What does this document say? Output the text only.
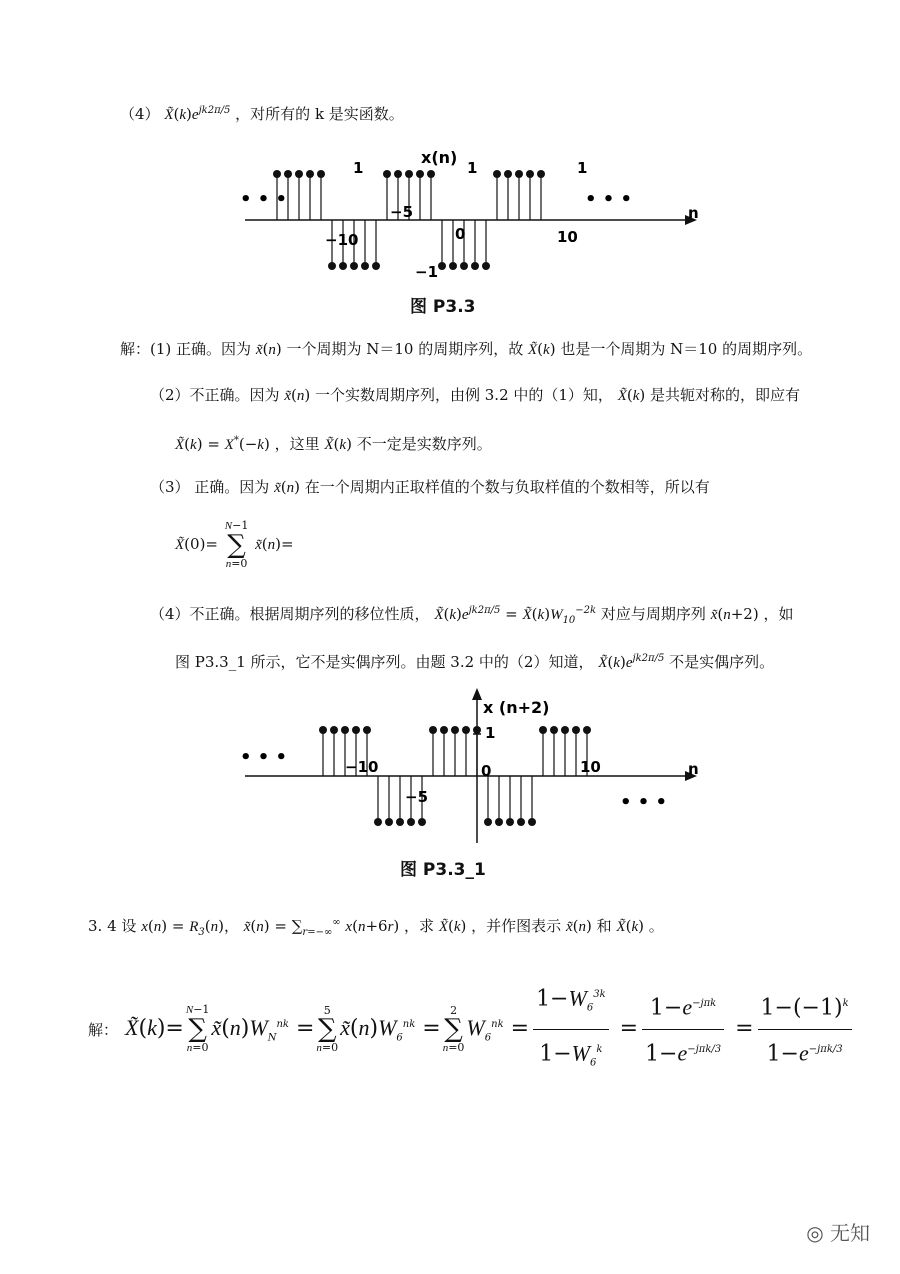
（4） $X̃(k)e^{jk2\pi/5}$ ，对所有的 k 是实函数。
n
• • •	• • •
x(n)
−10
−5
0	10
1	1	1
−1
图 P3.3
解：(1) 正确。因为 x̃(n) 一个周期为 N＝10 的周期序列，故 X̃(k) 也是一个周期为 N＝10 的周期序列。
（2）不正确。因为 x̃(n) 一个实数周期序列，由例 3.2 中的（1）知， X̃(k) 是共轭对称的，即应有
X̃(k) = X*(−k) ，这里 X̃(k) 不一定是实数序列。
（3） 正确。因为 x̃(n) 在一个周期内正取样值的个数与负取样值的个数相等，所以有
X̃(0)= N−1
∑
n=0 x̃(n)=
（4）不正确。根据周期序列的移位性质， $X̃(k)e^{jk2\pi/5}$ = $X̃(k)W_{10}^{-2k}$ 对应与周期序列 x̃(n+2) ，如
图 P3.3_1 所示，它不是实偶序列。由题 3.2 中的（2）知道， $X̃(k)e^{jk2\pi/5}$ 不是实偶序列。
n
• • •
• • •
x (n+2)
1
−10
−5
0	10
图 P3.3_1
3. 4 设 $x(n) = R_3(n)$， x̃(n) = $\sum_{r=-\infty}^\infty$ x(n+6r) ，求 X̃(k) ，并作图表示 x̃(n) 和 X̃(k) 。
解： X̃(k)=N−1
∑
$n=0x̃(n)W_N^{nk} =5$
∑
$n=0x̃(n)W_6^{nk} =2$
∑
$n=0W_6^{nk} = \frac{1-W_6^{3k}}{1-W_6^k} = \frac{1-e^{-j\pi k}}{1-e^{-j\pi k/3}} = \frac{1-(-1)^k}{1-e^{-j\pi k/3}}$
◎ 无知
